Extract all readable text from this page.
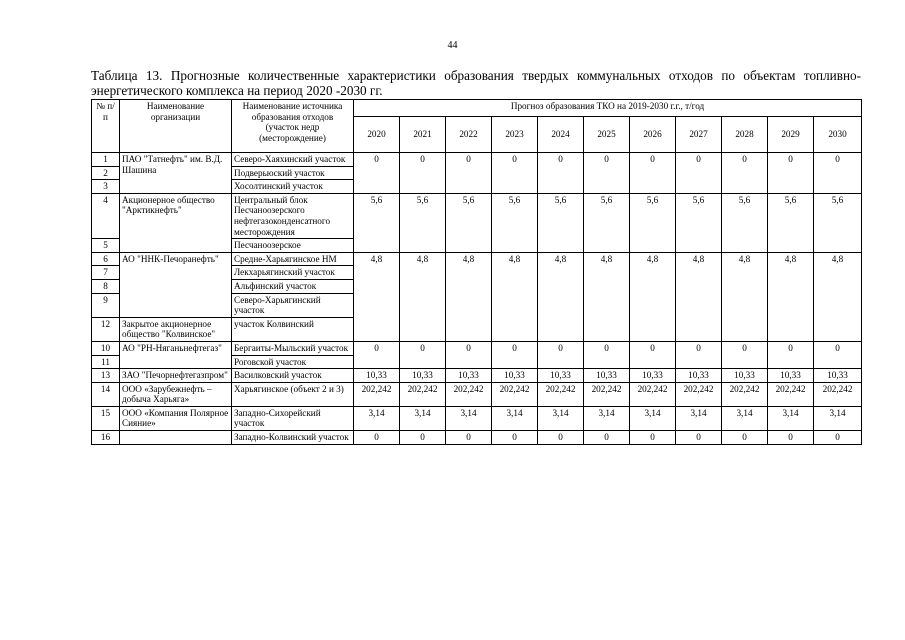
44
Таблица 13. Прогнозные количественные характеристики образования твердых коммунальных отходов по объектам топливно-энергетического комплекса на период 2020 -2030 гг.
№ п/ п	Наименование организации	Наименование источника образования отходов (участок недр (месторождение)	Прогноз образования ТКО на 2019-2030 г.г., т/год										
			2020	2021	2022	2023	2024	2025	2026	2027	2028	2029	2030
1	ПАО "Татнефть" им. В.Д. Шашина	Северо-Хаяхинский участок	0	0	0	0	0	0	0	0	0	0	0
2		Подверьюский участок											
3		Хосолтинский участок											
4	Акционерное общество "Арктикнефть"	Центральный блок Песчаноозерского нефтегазоконденсатного месторождения	5,6	5,6	5,6	5,6	5,6	5,6	5,6	5,6	5,6	5,6	5,6
5		Песчаноозерское											
6	АО "ННК-Печоранефть"	Средне-Харьягинское НМ	4,8	4,8	4,8	4,8	4,8	4,8	4,8	4,8	4,8	4,8	4,8
7		Лекхарьягинский участок											
8		Альфинский участок											
9		Северо-Харьягинский участок											
12	Закрытое акционерное общество "Колвинское"	участок Колвинский											
10	АО "РН-Няганьнефтегаз"	Бергаиты-Мыльский участок	0	0	0	0	0	0	0	0	0	0	0
11		Роговской участок											
13	ЗАО "Печорнефтегазпром"	Василковский участок	10,33	10,33	10,33	10,33	10,33	10,33	10,33	10,33	10,33	10,33	10,33
14	ООО «Зарубежнефть – добыча Харьяга»	Харьягинское (объект 2 и 3)	202,242	202,242	202,242	202,242	202,242	202,242	202,242	202,242	202,242	202,242	202,242
15	ООО «Компания Полярное Сияние»	Западно-Сихорейский участок	3,14	3,14	3,14	3,14	3,14	3,14	3,14	3,14	3,14	3,14	3,14
16		Западно-Колвинский участок	0	0	0	0	0	0	0	0	0	0	0
